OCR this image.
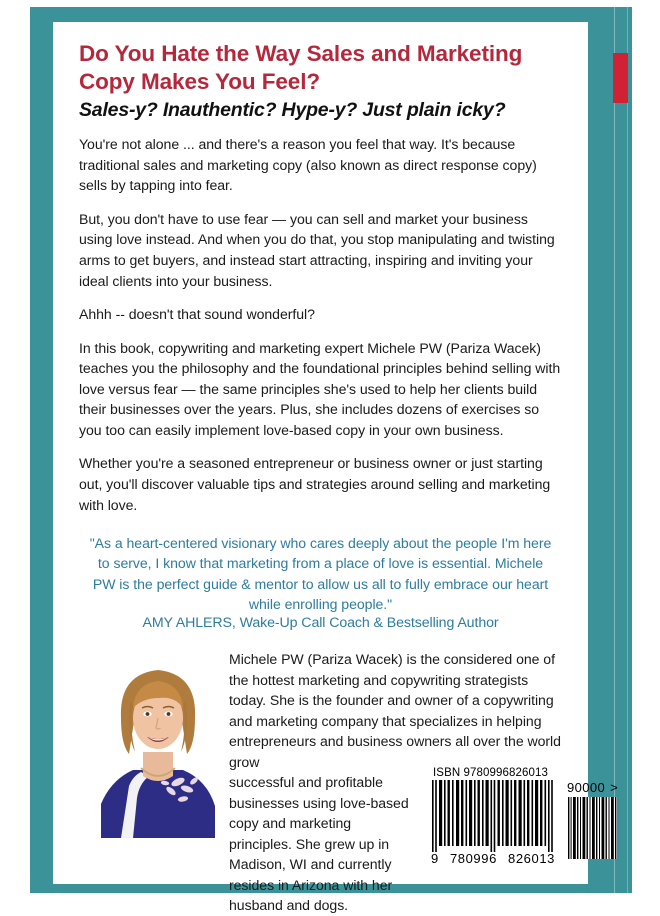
Do You Hate the Way Sales and Marketing Copy Makes You Feel?
Sales-y? Inauthentic? Hype-y? Just plain icky?

You're not alone ... and there's a reason you feel that way. It's because traditional sales and marketing copy (also known as direct response copy) sells by tapping into fear.

But, you don't have to use fear — you can sell and market your business using love instead. And when you do that, you stop manipulating and twisting arms to get buyers, and instead start attracting, inspiring and inviting your ideal clients into your business.

Ahhh -- doesn't that sound wonderful?

In this book, copywriting and marketing expert Michele PW (Pariza Wacek) teaches you the philosophy and the foundational principles behind selling with love versus fear — the same principles she's used to help her clients build their businesses over the years. Plus, she includes dozens of exercises so you too can easily implement love-based copy in your own business.

Whether you're a seasoned entrepreneur or business owner or just starting out, you'll discover valuable tips and strategies around selling and marketing with love.

"As a heart-centered visionary who cares deeply about the people I'm here to serve, I know that marketing from a place of love is essential. Michele PW is the perfect guide & mentor to allow us all to fully embrace our heart while enrolling people."

AMY AHLERS, Wake-Up Call Coach & Bestselling Author

Michele PW (Pariza Wacek) is the considered one of the hottest marketing and copywriting strategists today. She is the founder and owner of a copywriting and marketing company that specializes in helping entrepreneurs and business owners all over the world grow

successful and profitable businesses using love-based copy and marketing principles. She grew up in Madison, WI and currently resides in Arizona with her husband and dogs.

ISBN 9780996826013
9 780996 826013
90000 >
